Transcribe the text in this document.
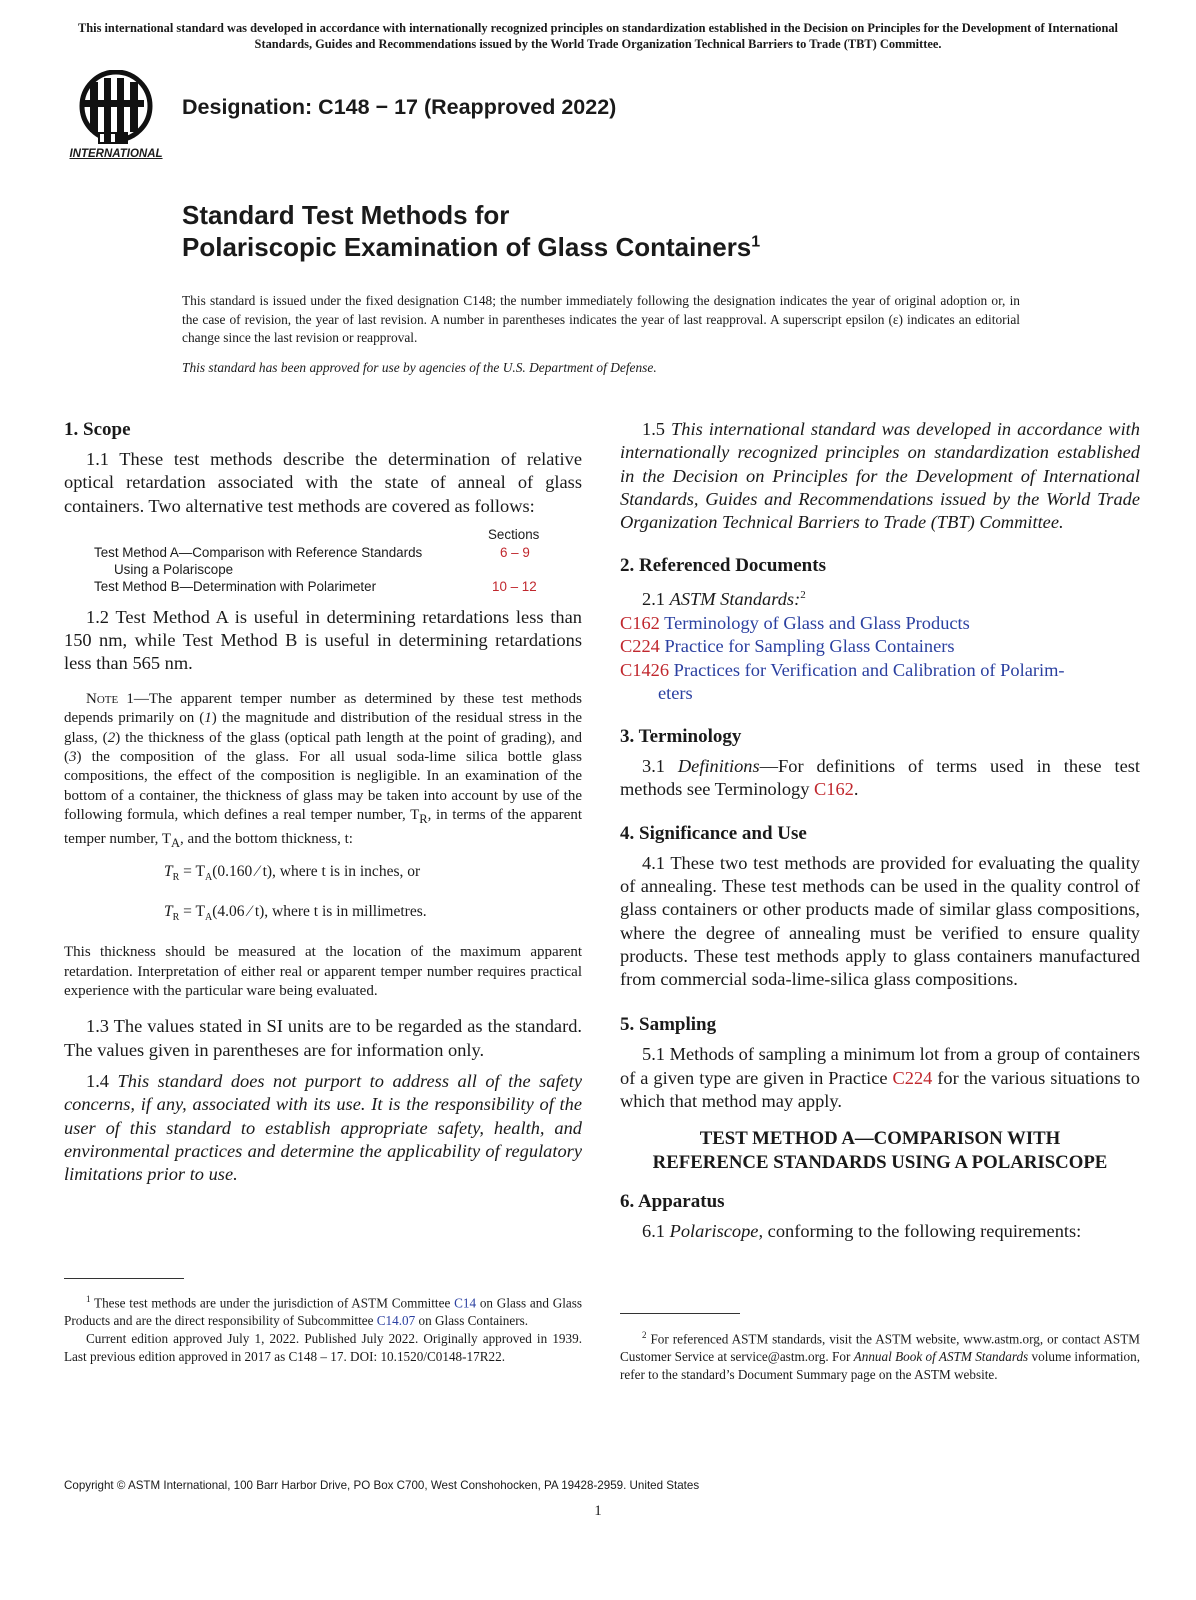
This international standard was developed in accordance with internationally recognized principles on standardization established in the Decision on Principles for the Development of International Standards, Guides and Recommendations issued by the World Trade Organization Technical Barriers to Trade (TBT) Committee.
INTERNATIONAL
Designation: C148 − 17 (Reapproved 2022)
Standard Test Methods for
Polariscopic Examination of Glass Containers$^1$
This standard is issued under the fixed designation C148; the number immediately following the designation indicates the year of original adoption or, in the case of revision, the year of last revision. A number in parentheses indicates the year of last reapproval. A superscript epsilon (ε) indicates an editorial change since the last revision or reapproval.
This standard has been approved for use by agencies of the U.S. Department of Defense.
1. Scope

1.1 These test methods describe the determination of relative optical retardation associated with the state of anneal of glass containers. Two alternative test methods are covered as follows:

Sections
Test Method A—Comparison with Reference Standards
Using a Polariscope
6 – 9
Test Method B—Determination with Polarimeter	10 – 12

1.2 Test Method A is useful in determining retardations less than 150 nm, while Test Method B is useful in determining retardations less than 565 nm.

Note 1—The apparent temper number as determined by these test methods depends primarily on (1) the magnitude and distribution of the residual stress in the glass, (2) the thickness of the glass (optical path length at the point of grading), and (3) the composition of the glass. For all usual soda-lime silica bottle glass compositions, the effect of the composition is negligible. In an examination of the bottom of a container, the thickness of glass may be taken into account by use of the following formula, which defines a real temper number, $T_R$, in terms of the apparent temper number, $T_A$, and the bottom thickness, t:

$T_R = T_A(0.160$ ⁄ t), where t is in inches, or
$T_R = T_A(4.06$ ⁄ t), where t is in millimetres.

This thickness should be measured at the location of the maximum apparent retardation. Interpretation of either real or apparent temper number requires practical experience with the particular ware being evaluated.

1.3 The values stated in SI units are to be regarded as the standard. The values given in parentheses are for information only.

1.4 This standard does not purport to address all of the safety concerns, if any, associated with its use. It is the responsibility of the user of this standard to establish appropriate safety, health, and environmental practices and determine the applicability of regulatory limitations prior to use.

1.5 This international standard was developed in accordance with internationally recognized principles on standardization established in the Decision on Principles for the Development of International Standards, Guides and Recommendations issued by the World Trade Organization Technical Barriers to Trade (TBT) Committee.

2. Referenced Documents
2.1 ASTM Standards:$^2$
C162 Terminology of Glass and Glass Products
C224 Practice for Sampling Glass Containers
C1426 Practices for Verification and Calibration of Polarim-
eters
3. Terminology

3.1 Definitions—For definitions of terms used in these test methods see Terminology C162.

4. Significance and Use

4.1 These two test methods are provided for evaluating the quality of annealing. These test methods can be used in the quality control of glass containers or other products made of similar glass compositions, where the degree of annealing must be verified to ensure quality products. These test methods apply to glass containers manufactured from commercial soda-lime-silica glass compositions.

5. Sampling

5.1 Methods of sampling a minimum lot from a group of containers of a given type are given in Practice C224 for the various situations to which that method may apply.

TEST METHOD A—COMPARISON WITH
REFERENCE STANDARDS USING A POLARISCOPE
6. Apparatus

6.1 Polariscope, conforming to the following requirements:

$^1$ These test methods are under the jurisdiction of ASTM Committee C14 on Glass and Glass Products and are the direct responsibility of Subcommittee C14.07 on Glass Containers.
Current edition approved July 1, 2022. Published July 2022. Originally approved in 1939. Last previous edition approved in 2017 as C148 – 17. DOI: 10.1520/C0148-17R22.
$^2$ For referenced ASTM standards, visit the ASTM website, www.astm.org, or contact ASTM Customer Service at service@astm.org. For Annual Book of ASTM Standards volume information, refer to the standard’s Document Summary page on the ASTM website.
Copyright © ASTM International, 100 Barr Harbor Drive, PO Box C700, West Conshohocken, PA 19428-2959. United States
1
